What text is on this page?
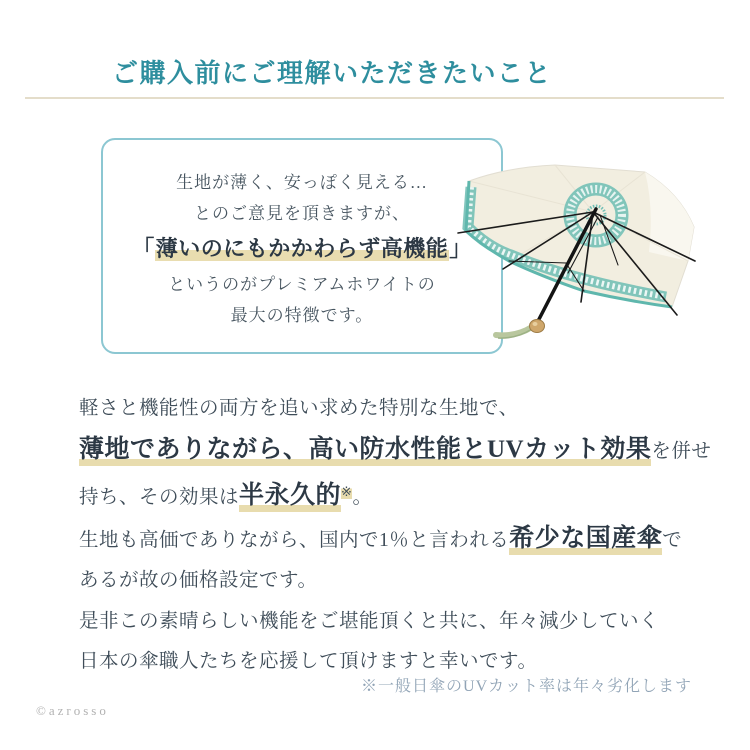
ご購入前にご理解いただきたいこと
生地が薄く、安っぽく見える…
とのご意見を頂きますが、
「薄いのにもかかわらず高機能」
というのがプレミアムホワイトの
最大の特徴です。
軽さと機能性の両方を追い求めた特別な生地で、
薄地でありながら、高い防水性能とUVカット効果を併せ
持ち、その効果は半永久的※。
生地も高価でありながら、国内で1％と言われる希少な国産傘で
あるが故の価格設定です。
是非この素晴らしい機能をご堪能頂くと共に、年々減少していく
日本の傘職人たちを応援して頂けますと幸いです。
※一般日傘のUVカット率は年々劣化します
©azrosso
